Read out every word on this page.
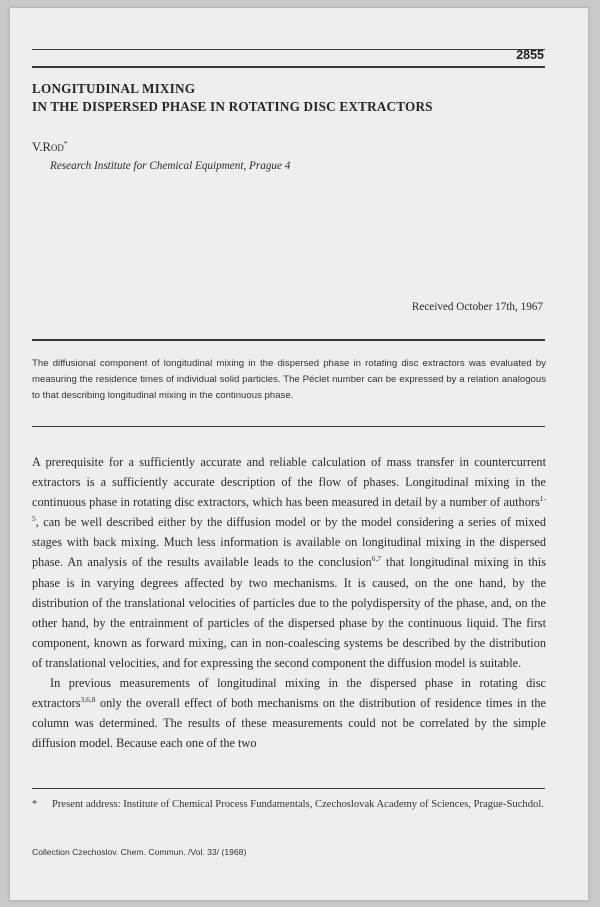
2855
LONGITUDINAL MIXING
IN THE DISPERSED PHASE IN ROTATING DISC EXTRACTORS
V.Rod*
Research Institute for Chemical Equipment, Prague 4
Received October 17th, 1967
The diffusional component of longitudinal mixing in the dispersed phase in rotating disc extractors was evaluated by measuring the residence times of individual solid particles. The Péclet number can be expressed by a relation analogous to that describing longitudinal mixing in the continuous phase.

A prerequisite for a sufficiently accurate and reliable calculation of mass transfer in countercurrent extractors is a sufficiently accurate description of the flow of phases. Longitudinal mixing in the continuous phase in rotating disc extractors, which has been measured in detail by a number of authors$^{1-5}$, can be well described either by the diffusion model or by the model considering a series of mixed stages with back mixing. Much less information is available on longitudinal mixing in the dispersed phase. An analysis of the results available leads to the conclusion$^{6,7}$ that longitudinal mixing in this phase is in varying degrees affected by two mechanisms. It is caused, on the one hand, by the distribution of the translational velocities of particles due to the polydispersity of the phase, and, on the other hand, by the entrainment of particles of the dispersed phase by the continuous liquid. The first component, known as forward mixing, can in non-coalescing systems be described by the distribution of translational velocities, and for expressing the second component the diffusion model is suitable.

In previous measurements of longitudinal mixing in the dispersed phase in rotating disc extractors$^{3,6,8}$ only the overall effect of both mechanisms on the distribution of residence times in the column was determined. The results of these measurements could not be correlated by the simple diffusion model. Because each one of the two

* Present address: Institute of Chemical Process Fundamentals, Czechoslovak Academy of Sciences, Prague-Suchdol.
Collection Czechoslov. Chem. Commun. /Vol. 33/ (1968)
